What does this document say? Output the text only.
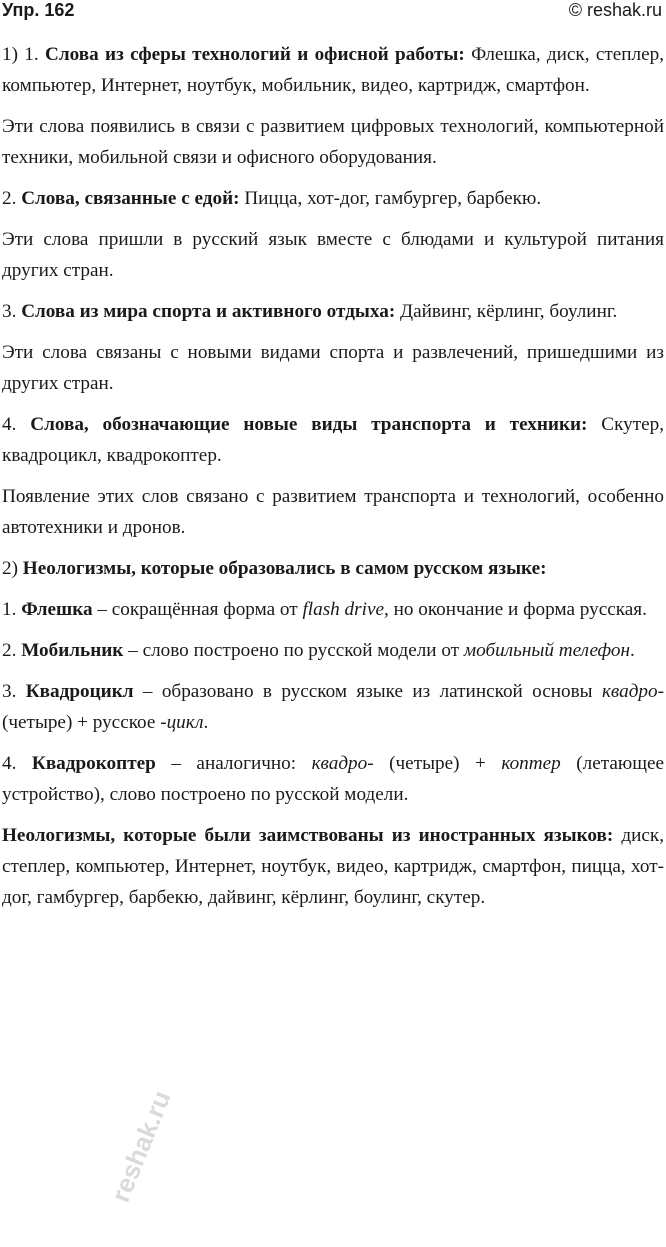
Упр. 162	© reshak.ru

1) 1. Слова из сферы технологий и офисной работы: Флешка, диск, степлер, компьютер, Интернет, ноутбук, мобильник, видео, картридж, смартфон.

Эти слова появились в связи с развитием цифровых технологий, компьютерной техники, мобильной связи и офисного оборудования.

2. Слова, связанные с едой: Пицца, хот-дог, гамбургер, барбекю.

Эти слова пришли в русский язык вместе с блюдами и культурой питания других стран.

3. Слова из мира спорта и активного отдыха: Дайвинг, кёрлинг, боулинг.

Эти слова связаны с новыми видами спорта и развлечений, пришедшими из других стран.

4. Слова, обозначающие новые виды транспорта и техники: Скутер, квадроцикл, квадрокоптер.

Появление этих слов связано с развитием транспорта и технологий, особенно автотехники и дронов.

2) Неологизмы, которые образовались в самом русском языке:

1. Флешка – сокращённая форма от flash drive, но окончание и форма русская.

2. Мобильник – слово построено по русской модели от мобильный телефон.

3. Квадроцикл – образовано в русском языке из латинской основы квадро- (четыре) + русское -цикл.

4. Квадрокоптер – аналогично: квадро- (четыре) + коптер (летающее устройство), слово построено по русской модели.

Неологизмы, которые были заимствованы из иностранных языков: диск, степлер, компьютер, Интернет, ноутбук, видео, картридж, смартфон, пицца, хот-дог, гамбургер, барбекю, дайвинг, кёрлинг, боулинг, скутер.

reshak.ru
